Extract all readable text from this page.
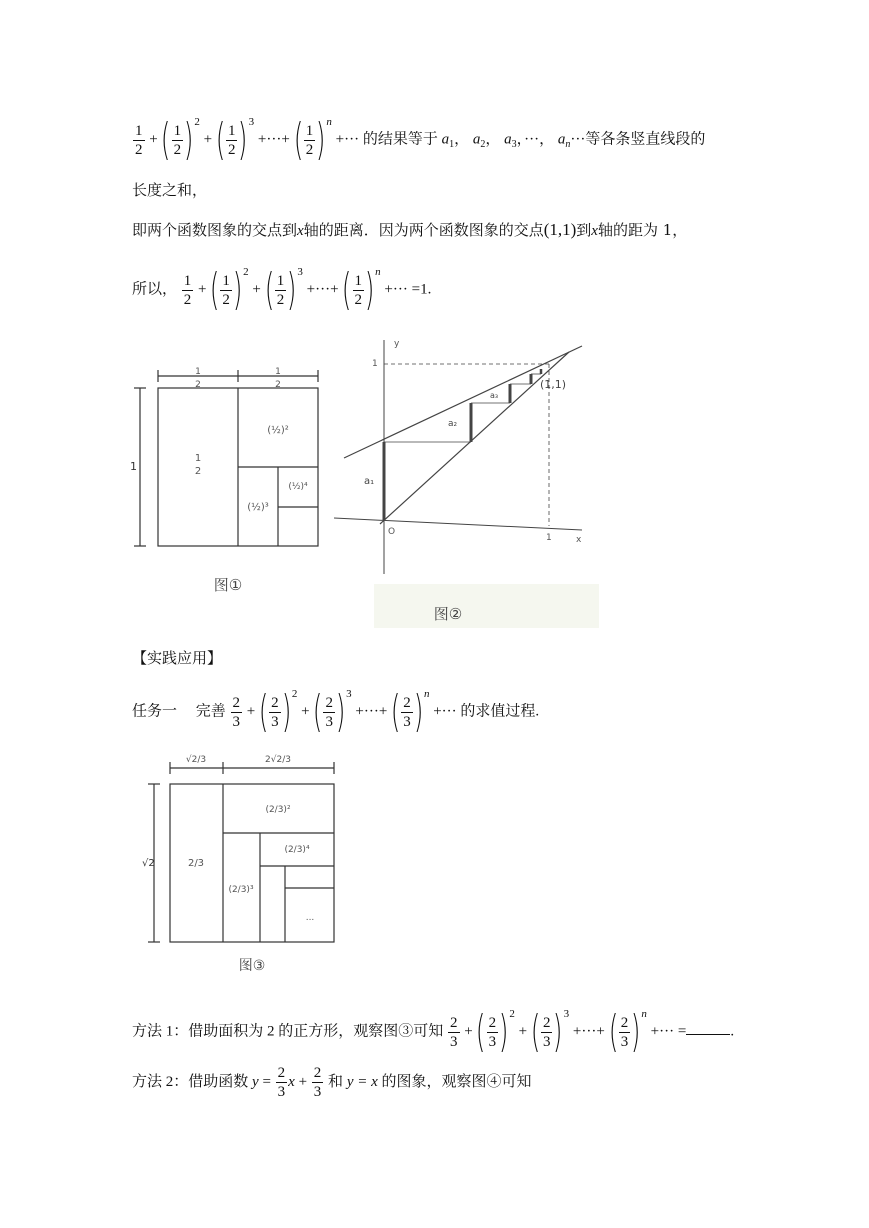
$\frac{1}{2}$ + ( $\frac{1}{2} )^2$ + ( $\frac{1}{2} )^3$ +···+ ( $\frac{1}{2} )^n$ +··· 的结果等于 $a_1$， $a_2$， $a_3$，···， $a_n\cdot\cdot\cdot$等各条竖直线段的
长度之和，
即两个函数图象的交点到x轴的距离．因为两个函数图象的交点(1,1)到x轴的距为 1，
所以， $\frac{1}{2}$ + ( $\frac{1}{2} )^2$ + ( $\frac{1}{2} )^3$ +···+ ( $\frac{1}{2} )^n$ +··· =1.
1
2
1
2
1
1
2
(½)²
(½)³
(½)⁴
图①
y
1
(1,1)
a₁
a₂
a₃
O
1	x
图②
【实践应用】
任务一 完善 $\frac{2}{3}$ + ( $\frac{2}{3} )^2$ + ( $\frac{2}{3} )^3$ +···+ ( $\frac{2}{3} )^n$ +··· 的求值过程.
√2/3	2√2/3
√2	2/3
(2/3)²
(2/3)³
(2/3)⁴
...
图③
方法 1：借助面积为 2 的正方形，观察图③可知 $\frac{2}{3}$ + ( $\frac{2}{3} )^2$ + ( $\frac{2}{3} )^3$ +···+ ( $\frac{2}{3} )^n$ +··· =	.
方法 2：借助函数 $y = \frac{2}{3}$ $x + \frac{2}{3}$ 和 y = x 的图象，观察图④可知
